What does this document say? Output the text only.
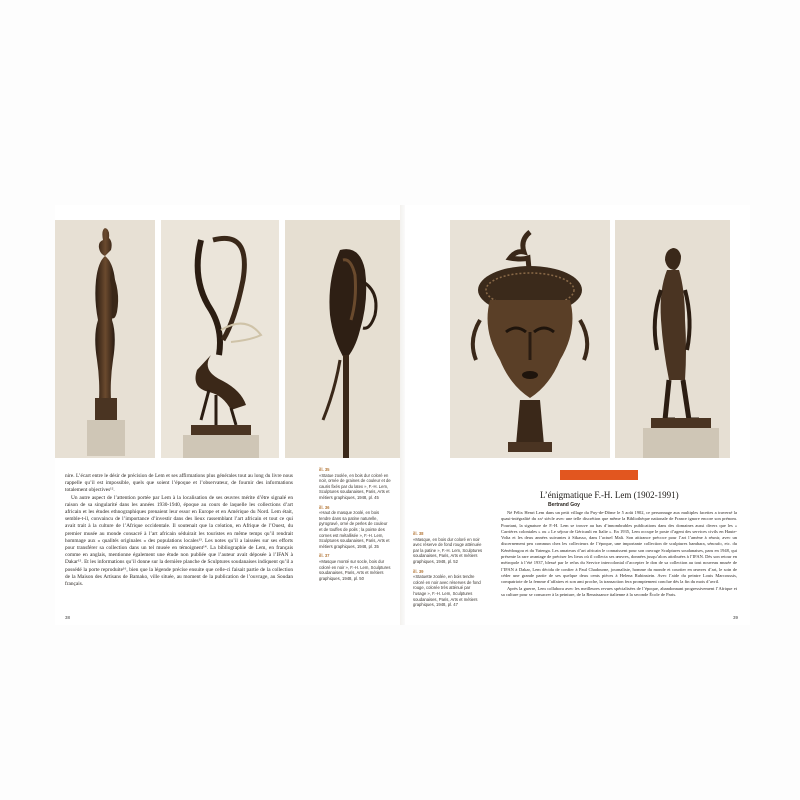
nire. L’écart entre le désir de précision de Lem et ses affirmations plus générales tout au long du livre nous rappelle qu’il est impossible, quels que soient l’époque et l’observateur, de fournir des informations totalement objectives¹².

Un autre aspect de l’attention portée par Lem à la localisation de ses œuvres mérite d’être signalé en raison de sa singularité dans les années 1930-1940, époque au cours de laquelle les collections d’art africain et les études ethnographiques prenaient leur essor en Europe et en Amérique du Nord. Lem était, semble-t-il, convaincu de l’importance d’investir dans des lieux rassemblant l’art africain et tout ce qui avait trait à la culture de l’Afrique occidentale. Il soutenait que la création, en Afrique de l’Ouest, du premier musée au monde consacré à l’art africain séduirait les touristes en même temps qu’il rendrait hommage aux « qualités originales » des populations locales¹³. Les notes qu’il a laissées sur ses efforts pour transférer sa collection dans un tel musée en témoignent¹⁴. La bibliographie de Lem, en français comme en anglais, mentionne également une étude non publiée que l’auteur avait déposée à l’IFAN à Dakar¹⁵. Et les informations qu’il donne sur la dernière planche de Sculptures soudanaises indiquent qu’il a possédé la porte reproduite¹⁶, bien que la légende précise ensuite que celle-ci faisait partie de la collection de la Maison des Artisans de Bamako, ville située, au moment de la publication de l’ouvrage, au Soudan français.

ill. 35
«Statue zoolée, en bois dur coloré en noir, ornée de graines de couleur et de cauris fixés par du latex », F.-H. Lem, Sculptures soudanaises, Paris, Arts et métiers graphiques, 1948, pl. 45
ill. 36
«Haut de masque zoolé, en bois tendre dans sa patine naturelle, pyrogravé, orné de perles de couleur et de touffes de poils ; la pointe des cornes est métallisée », F.-H. Lem, Sculptures soudanaises, Paris, Arts et métiers graphiques, 1948, pl. 35
ill. 37
«Masque monté sur socle, bois dur coloré en noir », F.-H. Lem, Sculptures soudanaises, Paris, Arts et métiers graphiques, 1948, pl. 50
38
ill. 38
«Masque, en bois dur coloré en noir avec réserve de fond rouge atténuée par la patine », F.-H. Lem, Sculptures soudanaises, Paris, Arts et métiers graphiques, 1948, pl. 52
ill. 39
«Statuette zoolée, en bois tendre coloré en noir avec réserves de fond rouge, colorée très atténué par l’usage », F.-H. Lem, Sculptures soudanaises, Paris, Arts et métiers graphiques, 1948, pl. 47
L’énigmatique F.-H. Lem (1902-1991)
Bertrand Goy

Né Félix Henri Lem dans un petit village du Puy-de-Dôme le 5 août 1902, ce personnage aux multiples facettes a traversé la quasi-intégralité du xxᵉ siècle avec une telle discrétion que même la Bibliothèque nationale de France ignore encore son prénom. Pourtant, la signature de F.-H. Lem se trouve au bas d’innombrables publications dans des domaines aussi divers que les « Carrières coloniales » ou « Le séjour de Géricault en Italie ». En 1935, Lem occupe le poste d’agent des services civils en Haute-Volta et les deux années suivantes à Sikasso, dans l’actuel Mali. Son attirance précoce pour l’art l’amène à réunir, avec un discernement peu commun chez les collecteurs de l’époque, une importante collection de sculptures bambara, sénoufo, etc. du Kénédougou et du Yatenga. Les amateurs d’art africain le connaissent pour son ouvrage Sculptures soudanaises, paru en 1948, qui présente la rare avantage de préciser les lieux où il collecta ses œuvres, données jusqu’alors attribuées à l’IFAN. Dès son retour en métropole à l’été 1937, blessé par le refus du Service intercolonial d’accepter le don de sa collection au tout nouveau musée de l’IFAN à Dakar, Lem décida de confier à Paul Chadourne, journaliste, homme du monde et courtier en œuvres d’art, le soin de céder une grande partie de ses quelque deux cents pièces à Helena Rubinstein. Avec l’aide du peintre Louis Marcoussis, compatriote de la femme d’affaires et son ami proche, la transaction fera promptement conclue dès la fin du mois d’avril.

Après la guerre, Lem collabora avec les meilleures revues spécialisées de l’époque, abandonnant progressivement l’Afrique et sa culture pour se consacrer à la peinture, de la Renaissance italienne à la seconde École de Paris.

39
